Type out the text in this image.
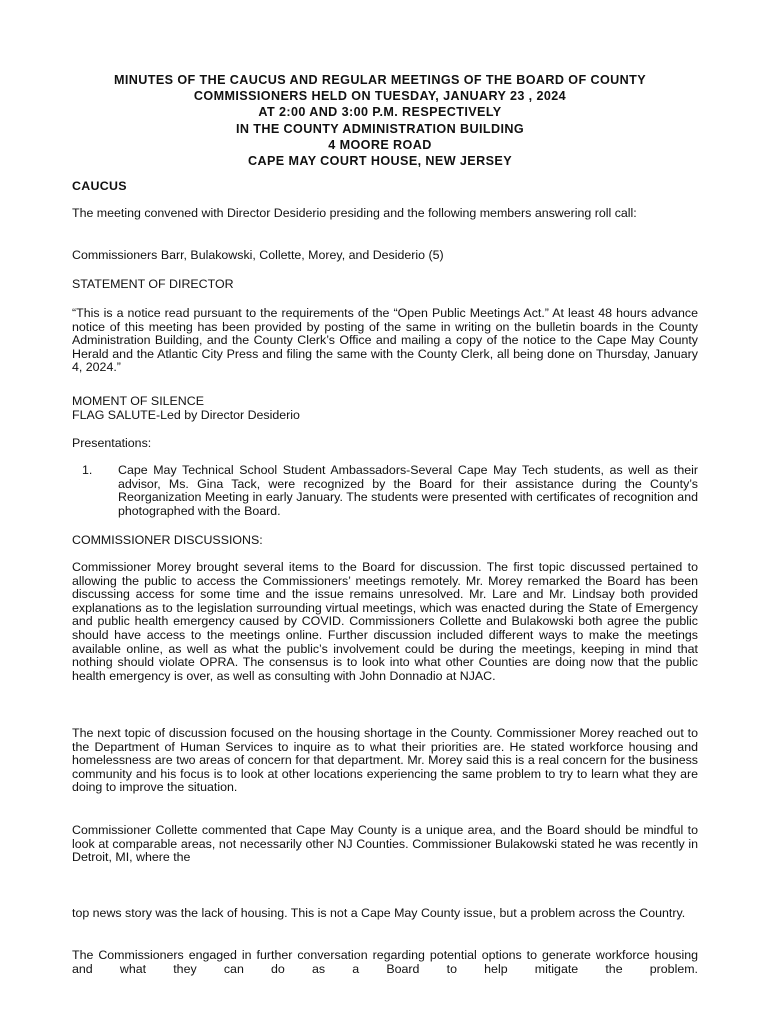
MINUTES OF THE CAUCUS AND REGULAR MEETINGS OF THE BOARD OF COUNTY
COMMISSIONERS HELD ON TUESDAY, JANUARY 23 , 2024
AT 2:00 AND 3:00 P.M. RESPECTIVELY
IN THE COUNTY ADMINISTRATION BUILDING
4 MOORE ROAD
CAPE MAY COURT HOUSE, NEW JERSEY
CAUCUS
The meeting convened with Director Desiderio presiding and the following members answering roll call:
Commissioners Barr, Bulakowski, Collette, Morey, and Desiderio (5)
STATEMENT OF DIRECTOR
“This is a notice read pursuant to the requirements of the “Open Public Meetings Act.” At least 48 hours advance notice of this meeting has been provided by posting of the same in writing on the bulletin boards in the County Administration Building, and the County Clerk’s Office and mailing a copy of the notice to the Cape May County Herald and the Atlantic City Press and filing the same with the County Clerk, all being done on Thursday, January 4, 2024.”
MOMENT OF SILENCE
FLAG SALUTE-Led by Director Desiderio
Presentations:
1. Cape May Technical School Student Ambassadors-Several Cape May Tech students, as well as their advisor, Ms. Gina Tack, were recognized by the Board for their assistance during the County’s Reorganization Meeting in early January. The students were presented with certificates of recognition and photographed with the Board.
COMMISSIONER DISCUSSIONS:
Commissioner Morey brought several items to the Board for discussion. The first topic discussed pertained to allowing the public to access the Commissioners’ meetings remotely. Mr. Morey remarked the Board has been discussing access for some time and the issue remains unresolved. Mr. Lare and Mr. Lindsay both provided explanations as to the legislation surrounding virtual meetings, which was enacted during the State of Emergency and public health emergency caused by COVID. Commissioners Collette and Bulakowski both agree the public should have access to the meetings online. Further discussion included different ways to make the meetings available online, as well as what the public’s involvement could be during the meetings, keeping in mind that nothing should violate OPRA. The consensus is to look into what other Counties are doing now that the public health emergency is over, as well as consulting with John Donnadio at NJAC.
The next topic of discussion focused on the housing shortage in the County. Commissioner Morey reached out to the Department of Human Services to inquire as to what their priorities are. He stated workforce housing and homelessness are two areas of concern for that department. Mr. Morey said this is a real concern for the business community and his focus is to look at other locations experiencing the same problem to try to learn what they are doing to improve the situation.
Commissioner Collette commented that Cape May County is a unique area, and the Board should be mindful to look at comparable areas, not necessarily other NJ Counties. Commissioner Bulakowski stated he was recently in Detroit, MI, where the
top news story was the lack of housing. This is not a Cape May County issue, but a problem across the Country.
The Commissioners engaged in further conversation regarding potential options to generate workforce housing and what they can do as a Board to help mitigate the problem.
